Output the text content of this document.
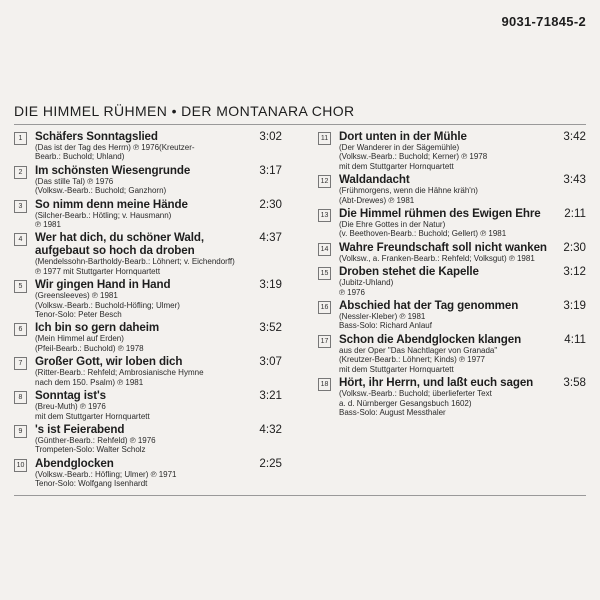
9031-71845-2
DIE HIMMEL RÜHMEN • DER MONTANARA CHOR
1	Schäfers Sonntagslied	3:02
(Das ist der Tag des Herrn) ℗ 1976(Kreutzer-
Bearb.: Buchold; Uhland)
2	Im schönsten Wiesengrunde	3:17
(Das stille Tal) ℗ 1976
(Volksw.-Bearb.: Buchold; Ganzhorn)
3	So nimm denn meine Hände	2:30
(Silcher-Bearb.: Hötling; v. Hausmann)
℗ 1981
4	Wer hat dich, du schöner Wald,	4:37
aufgebaut so hoch da droben
(Mendelssohn-Bartholdy-Bearb.: Löhnert; v. Eichendorff)
℗ 1977 mit Stuttgarter Hornquartett
5	Wir gingen Hand in Hand	3:19
(Greensleeves) ℗ 1981
(Volksw.-Bearb.: Buchold-Höfling; Ulmer)
Tenor-Solo: Peter Besch
6	Ich bin so gern daheim	3:52
(Mein Himmel auf Erden)
(Pfeil-Bearb.: Buchold) ℗ 1978
7	Großer Gott, wir loben dich	3:07
(Ritter-Bearb.: Rehfeld; Ambrosianische Hymne
nach dem 150. Psalm) ℗ 1981
8	Sonntag ist's	3:21
(Breu-Muth) ℗ 1976
mit dem Stuttgarter Hornquartett
9	's ist Feierabend	4:32
(Günther-Bearb.: Rehfeld) ℗ 1976
Trompeten-Solo: Walter Scholz
10 Abendglocken	2:25
(Volksw.-Bearb.: Höfling; Ulmer) ℗ 1971
Tenor-Solo: Wolfgang Isenhardt
11 Dort unten in der Mühle	3:42
(Der Wanderer in der Sägemühle)
(Volksw.-Bearb.: Buchold; Kerner) ℗ 1978
mit dem Stuttgarter Hornquartett
12 Waldandacht	3:43
(Frühmorgens, wenn die Hähne kräh'n)
(Abt-Drewes) ℗ 1981
13 Die Himmel rühmen des Ewigen Ehre	2:11
(Die Ehre Gottes in der Natur)
(v. Beethoven-Bearb.: Buchold; Gellert) ℗ 1981
14 Wahre Freundschaft soll nicht wanken	2:30
(Volksw., a. Franken-Bearb.: Rehfeld; Volksgut) ℗ 1981
15 Droben stehet die Kapelle	3:12
(Jubitz-Uhland)
℗ 1976
16 Abschied hat der Tag genommen	3:19
(Nessler-Kleber) ℗ 1981
Bass-Solo: Richard Anlauf
17 Schon die Abendglocken klangen	4:11
aus der Oper "Das Nachtlager von Granada"
(Kreutzer-Bearb.: Löhnert; Kinds) ℗ 1977
mit dem Stuttgarter Hornquartett
18 Hört, ihr Herrn, und laßt euch sagen	3:58
(Volksw.-Bearb.: Buchold; überlieferter Text
a. d. Nürnberger Gesangsbuch 1602)
Bass-Solo: August Messthaler
